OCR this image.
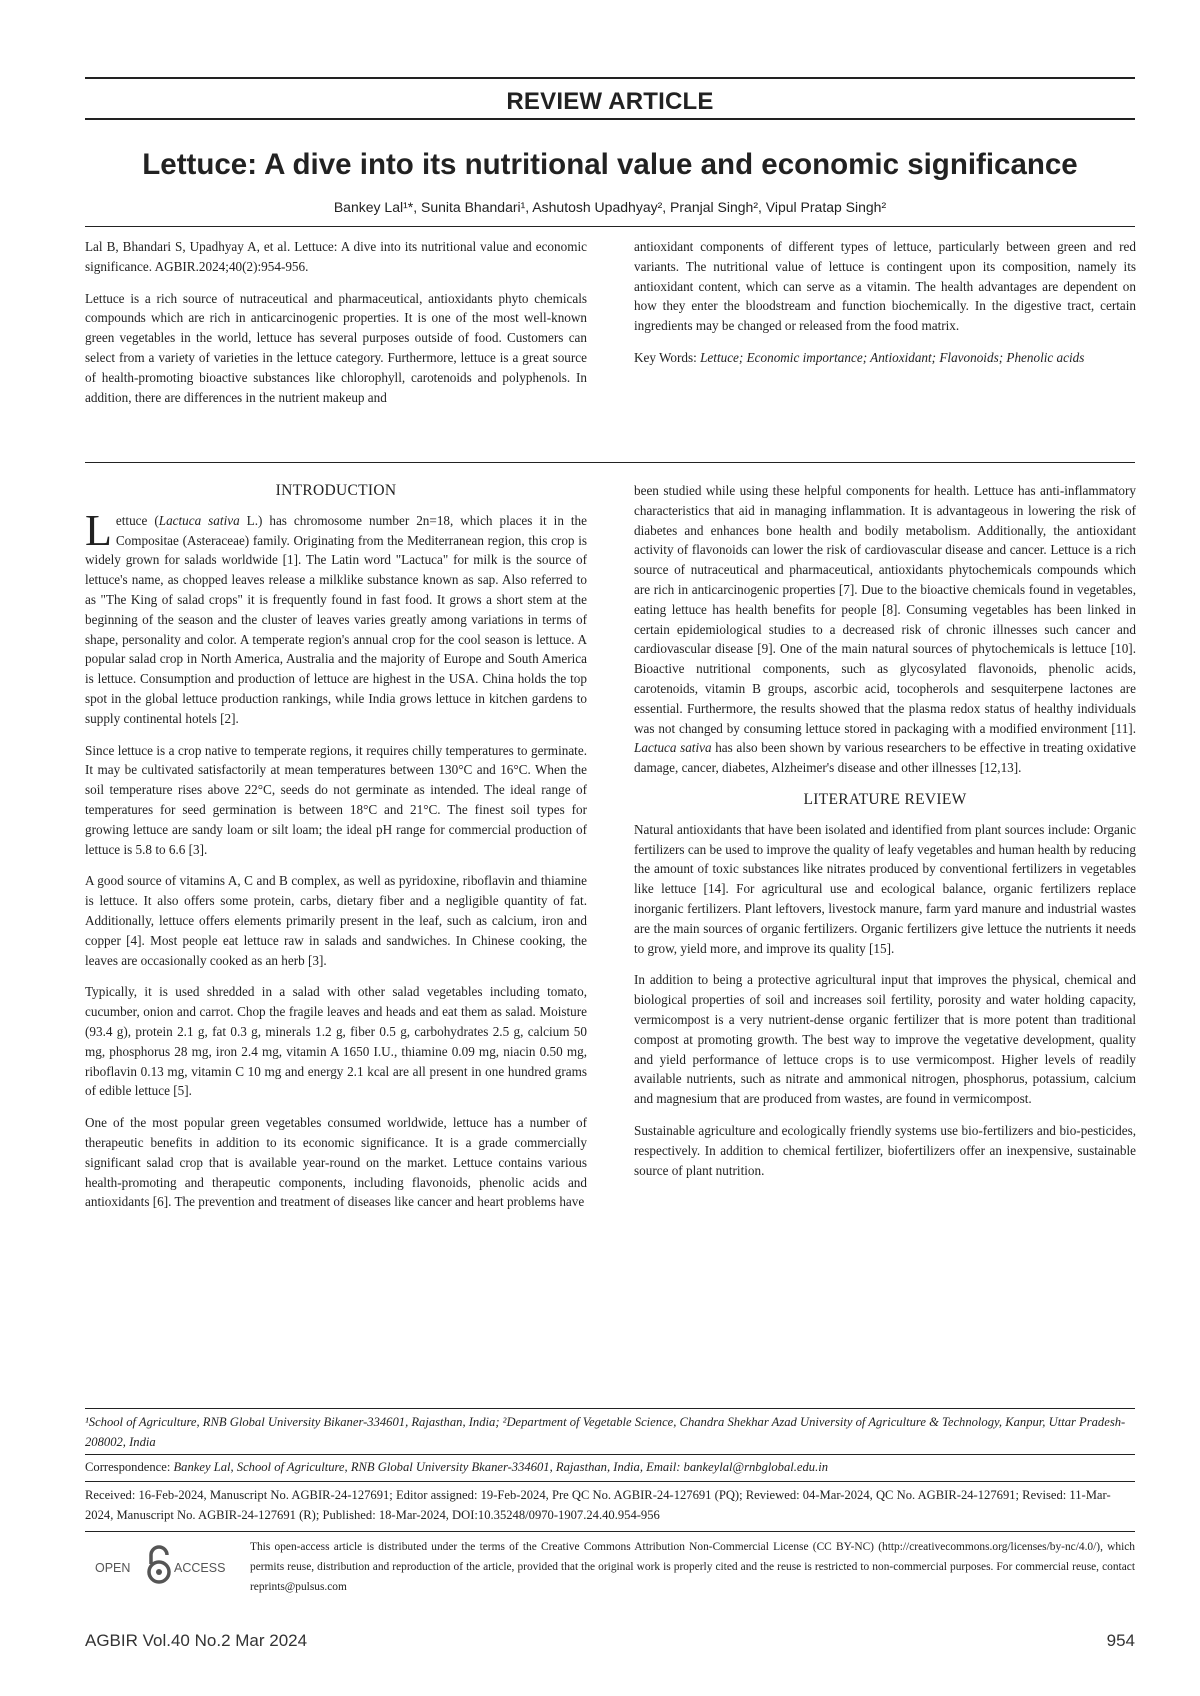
REVIEW ARTICLE
Lettuce: A dive into its nutritional value and economic significance
Bankey Lal¹*, Sunita Bhandari¹, Ashutosh Upadhyay², Pranjal Singh², Vipul Pratap Singh²

Lal B, Bhandari S, Upadhyay A, et al. Lettuce: A dive into its nutritional value and economic significance. AGBIR.2024;40(2):954-956.

Lettuce is a rich source of nutraceutical and pharmaceutical, antioxidants phyto chemicals compounds which are rich in anticarcinogenic properties. It is one of the most well-known green vegetables in the world, lettuce has several purposes outside of food. Customers can select from a variety of varieties in the lettuce category. Furthermore, lettuce is a great source of health-promoting bioactive substances like chlorophyll, carotenoids and polyphenols. In addition, there are differences in the nutrient makeup and

antioxidant components of different types of lettuce, particularly between green and red variants. The nutritional value of lettuce is contingent upon its composition, namely its antioxidant content, which can serve as a vitamin. The health advantages are dependent on how they enter the bloodstream and function biochemically. In the digestive tract, certain ingredients may be changed or released from the food matrix.

Key Words: Lettuce; Economic importance; Antioxidant; Flavonoids; Phenolic acids

INTRODUCTION

Lettuce (Lactuca sativa L.) has chromosome number 2n=18, which places it in the Compositae (Asteraceae) family. Originating from the Mediterranean region, this crop is widely grown for salads worldwide [1]. The Latin word "Lactuca" for milk is the source of lettuce's name, as chopped leaves release a milklike substance known as sap. Also referred to as "The King of salad crops" it is frequently found in fast food. It grows a short stem at the beginning of the season and the cluster of leaves varies greatly among variations in terms of shape, personality and color. A temperate region's annual crop for the cool season is lettuce. A popular salad crop in North America, Australia and the majority of Europe and South America is lettuce. Consumption and production of lettuce are highest in the USA. China holds the top spot in the global lettuce production rankings, while India grows lettuce in kitchen gardens to supply continental hotels [2].

Since lettuce is a crop native to temperate regions, it requires chilly temperatures to germinate. It may be cultivated satisfactorily at mean temperatures between 130°C and 16°C. When the soil temperature rises above 22°C, seeds do not germinate as intended. The ideal range of temperatures for seed germination is between 18°C and 21°C. The finest soil types for growing lettuce are sandy loam or silt loam; the ideal pH range for commercial production of lettuce is 5.8 to 6.6 [3].

A good source of vitamins A, C and B complex, as well as pyridoxine, riboflavin and thiamine is lettuce. It also offers some protein, carbs, dietary fiber and a negligible quantity of fat. Additionally, lettuce offers elements primarily present in the leaf, such as calcium, iron and copper [4]. Most people eat lettuce raw in salads and sandwiches. In Chinese cooking, the leaves are occasionally cooked as an herb [3].

Typically, it is used shredded in a salad with other salad vegetables including tomato, cucumber, onion and carrot. Chop the fragile leaves and heads and eat them as salad. Moisture (93.4 g), protein 2.1 g, fat 0.3 g, minerals 1.2 g, fiber 0.5 g, carbohydrates 2.5 g, calcium 50 mg, phosphorus 28 mg, iron 2.4 mg, vitamin A 1650 I.U., thiamine 0.09 mg, niacin 0.50 mg, riboflavin 0.13 mg, vitamin C 10 mg and energy 2.1 kcal are all present in one hundred grams of edible lettuce [5].

One of the most popular green vegetables consumed worldwide, lettuce has a number of therapeutic benefits in addition to its economic significance. It is a grade commercially significant salad crop that is available year-round on the market. Lettuce contains various health-promoting and therapeutic components, including flavonoids, phenolic acids and antioxidants [6]. The prevention and treatment of diseases like cancer and heart problems have

been studied while using these helpful components for health. Lettuce has anti-inflammatory characteristics that aid in managing inflammation. It is advantageous in lowering the risk of diabetes and enhances bone health and bodily metabolism. Additionally, the antioxidant activity of flavonoids can lower the risk of cardiovascular disease and cancer. Lettuce is a rich source of nutraceutical and pharmaceutical, antioxidants phytochemicals compounds which are rich in anticarcinogenic properties [7]. Due to the bioactive chemicals found in vegetables, eating lettuce has health benefits for people [8]. Consuming vegetables has been linked in certain epidemiological studies to a decreased risk of chronic illnesses such cancer and cardiovascular disease [9]. One of the main natural sources of phytochemicals is lettuce [10]. Bioactive nutritional components, such as glycosylated flavonoids, phenolic acids, carotenoids, vitamin B groups, ascorbic acid, tocopherols and sesquiterpene lactones are essential. Furthermore, the results showed that the plasma redox status of healthy individuals was not changed by consuming lettuce stored in packaging with a modified environment [11]. Lactuca sativa has also been shown by various researchers to be effective in treating oxidative damage, cancer, diabetes, Alzheimer's disease and other illnesses [12,13].

LITERATURE REVIEW

Natural antioxidants that have been isolated and identified from plant sources include: Organic fertilizers can be used to improve the quality of leafy vegetables and human health by reducing the amount of toxic substances like nitrates produced by conventional fertilizers in vegetables like lettuce [14]. For agricultural use and ecological balance, organic fertilizers replace inorganic fertilizers. Plant leftovers, livestock manure, farm yard manure and industrial wastes are the main sources of organic fertilizers. Organic fertilizers give lettuce the nutrients it needs to grow, yield more, and improve its quality [15].

In addition to being a protective agricultural input that improves the physical, chemical and biological properties of soil and increases soil fertility, porosity and water holding capacity, vermicompost is a very nutrient-dense organic fertilizer that is more potent than traditional compost at promoting growth. The best way to improve the vegetative development, quality and yield performance of lettuce crops is to use vermicompost. Higher levels of readily available nutrients, such as nitrate and ammonical nitrogen, phosphorus, potassium, calcium and magnesium that are produced from wastes, are found in vermicompost.

Sustainable agriculture and ecologically friendly systems use bio-fertilizers and bio-pesticides, respectively. In addition to chemical fertilizer, biofertilizers offer an inexpensive, sustainable source of plant nutrition.

¹School of Agriculture, RNB Global University Bikaner-334601, Rajasthan, India; ²Department of Vegetable Science, Chandra Shekhar Azad University of Agriculture & Technology, Kanpur, Uttar Pradesh-208002, India
Correspondence: Bankey Lal, School of Agriculture, RNB Global University Bkaner-334601, Rajasthan, India, Email: bankeylal@rnbglobal.edu.in
Received: 16-Feb-2024, Manuscript No. AGBIR-24-127691; Editor assigned: 19-Feb-2024, Pre QC No. AGBIR-24-127691 (PQ); Reviewed: 04-Mar-2024, QC No. AGBIR-24-127691; Revised: 11-Mar-2024, Manuscript No. AGBIR-24-127691 (R); Published: 18-Mar-2024, DOI:10.35248/0970-1907.24.40.954-956
OPEN	ACCESS
This open-access article is distributed under the terms of the Creative Commons Attribution Non-Commercial License (CC BY-NC) (http://creativecommons.org/licenses/by-nc/4.0/), which permits reuse, distribution and reproduction of the article, provided that the original work is properly cited and the reuse is restricted to non-commercial purposes. For commercial reuse, contact reprints@pulsus.com
AGBIR Vol.40 No.2 Mar 2024	954
